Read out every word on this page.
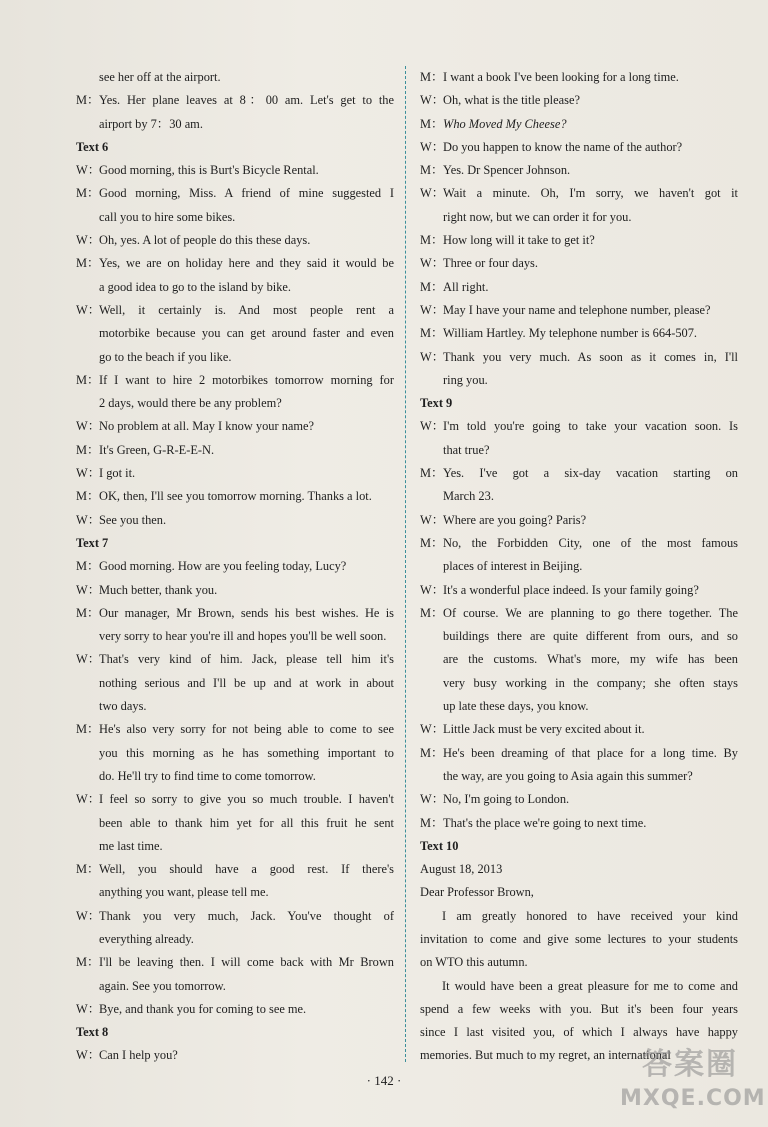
see her off at the airport.
M：Yes. Her plane leaves at 8：00 am. Let's get to the
airport by 7：30 am.
Text 6
W：Good morning, this is Burt's Bicycle Rental.
M：Good morning, Miss. A friend of mine suggested I
call you to hire some bikes.
W：Oh, yes. A lot of people do this these days.
M：Yes, we are on holiday here and they said it would be
a good idea to go to the island by bike.
W：Well, it certainly is. And most people rent a
motorbike because you can get around faster and even
go to the beach if you like.
M：If I want to hire 2 motorbikes tomorrow morning for
2 days, would there be any problem?
W：No problem at all. May I know your name?
M：It's Green, G-R-E-E-N.
W：I got it.
M：OK, then, I'll see you tomorrow morning. Thanks a lot.
W：See you then.
Text 7
M：Good morning. How are you feeling today, Lucy?
W：Much better, thank you.
M：Our manager, Mr Brown, sends his best wishes. He is
very sorry to hear you're ill and hopes you'll be well soon.
W：That's very kind of him. Jack, please tell him it's
nothing serious and I'll be up and at work in about
two days.
M：He's also very sorry for not being able to come to see
you this morning as he has something important to
do. He'll try to find time to come tomorrow.
W：I feel so sorry to give you so much trouble. I haven't
been able to thank him yet for all this fruit he sent
me last time.
M：Well, you should have a good rest. If there's
anything you want, please tell me.
W：Thank you very much, Jack. You've thought of
everything already.
M：I'll be leaving then. I will come back with Mr Brown
again. See you tomorrow.
W：Bye, and thank you for coming to see me.
Text 8
W：Can I help you?
M：I want a book I've been looking for a long time.
W：Oh, what is the title please?
M：Who Moved My Cheese?
W：Do you happen to know the name of the author?
M：Yes. Dr Spencer Johnson.
W：Wait a minute. Oh, I'm sorry, we haven't got it
right now, but we can order it for you.
M：How long will it take to get it?
W：Three or four days.
M：All right.
W：May I have your name and telephone number, please?
M：William Hartley. My telephone number is 664-507.
W：Thank you very much. As soon as it comes in, I'll
ring you.
Text 9
W：I'm told you're going to take your vacation soon. Is
that true?
M：Yes. I've got a six-day vacation starting on
March 23.
W：Where are you going? Paris?
M：No, the Forbidden City, one of the most famous
places of interest in Beijing.
W：It's a wonderful place indeed. Is your family going?
M：Of course. We are planning to go there together. The
buildings there are quite different from ours, and so
are the customs. What's more, my wife has been
very busy working in the company; she often stays
up late these days, you know.
W：Little Jack must be very excited about it.
M：He's been dreaming of that place for a long time. By
the way, are you going to Asia again this summer?
W：No, I'm going to London.
M：That's the place we're going to next time.
Text 10
August 18, 2013
Dear Professor Brown,
I am greatly honored to have received your kind
invitation to come and give some lectures to your students
on WTO this autumn.
It would have been a great pleasure for me to come and
spend a few weeks with you. But it's been four years
since I last visited you, of which I always have happy
memories. But much to my regret, an international
· 142 ·	答案圈
MXQE.COM
